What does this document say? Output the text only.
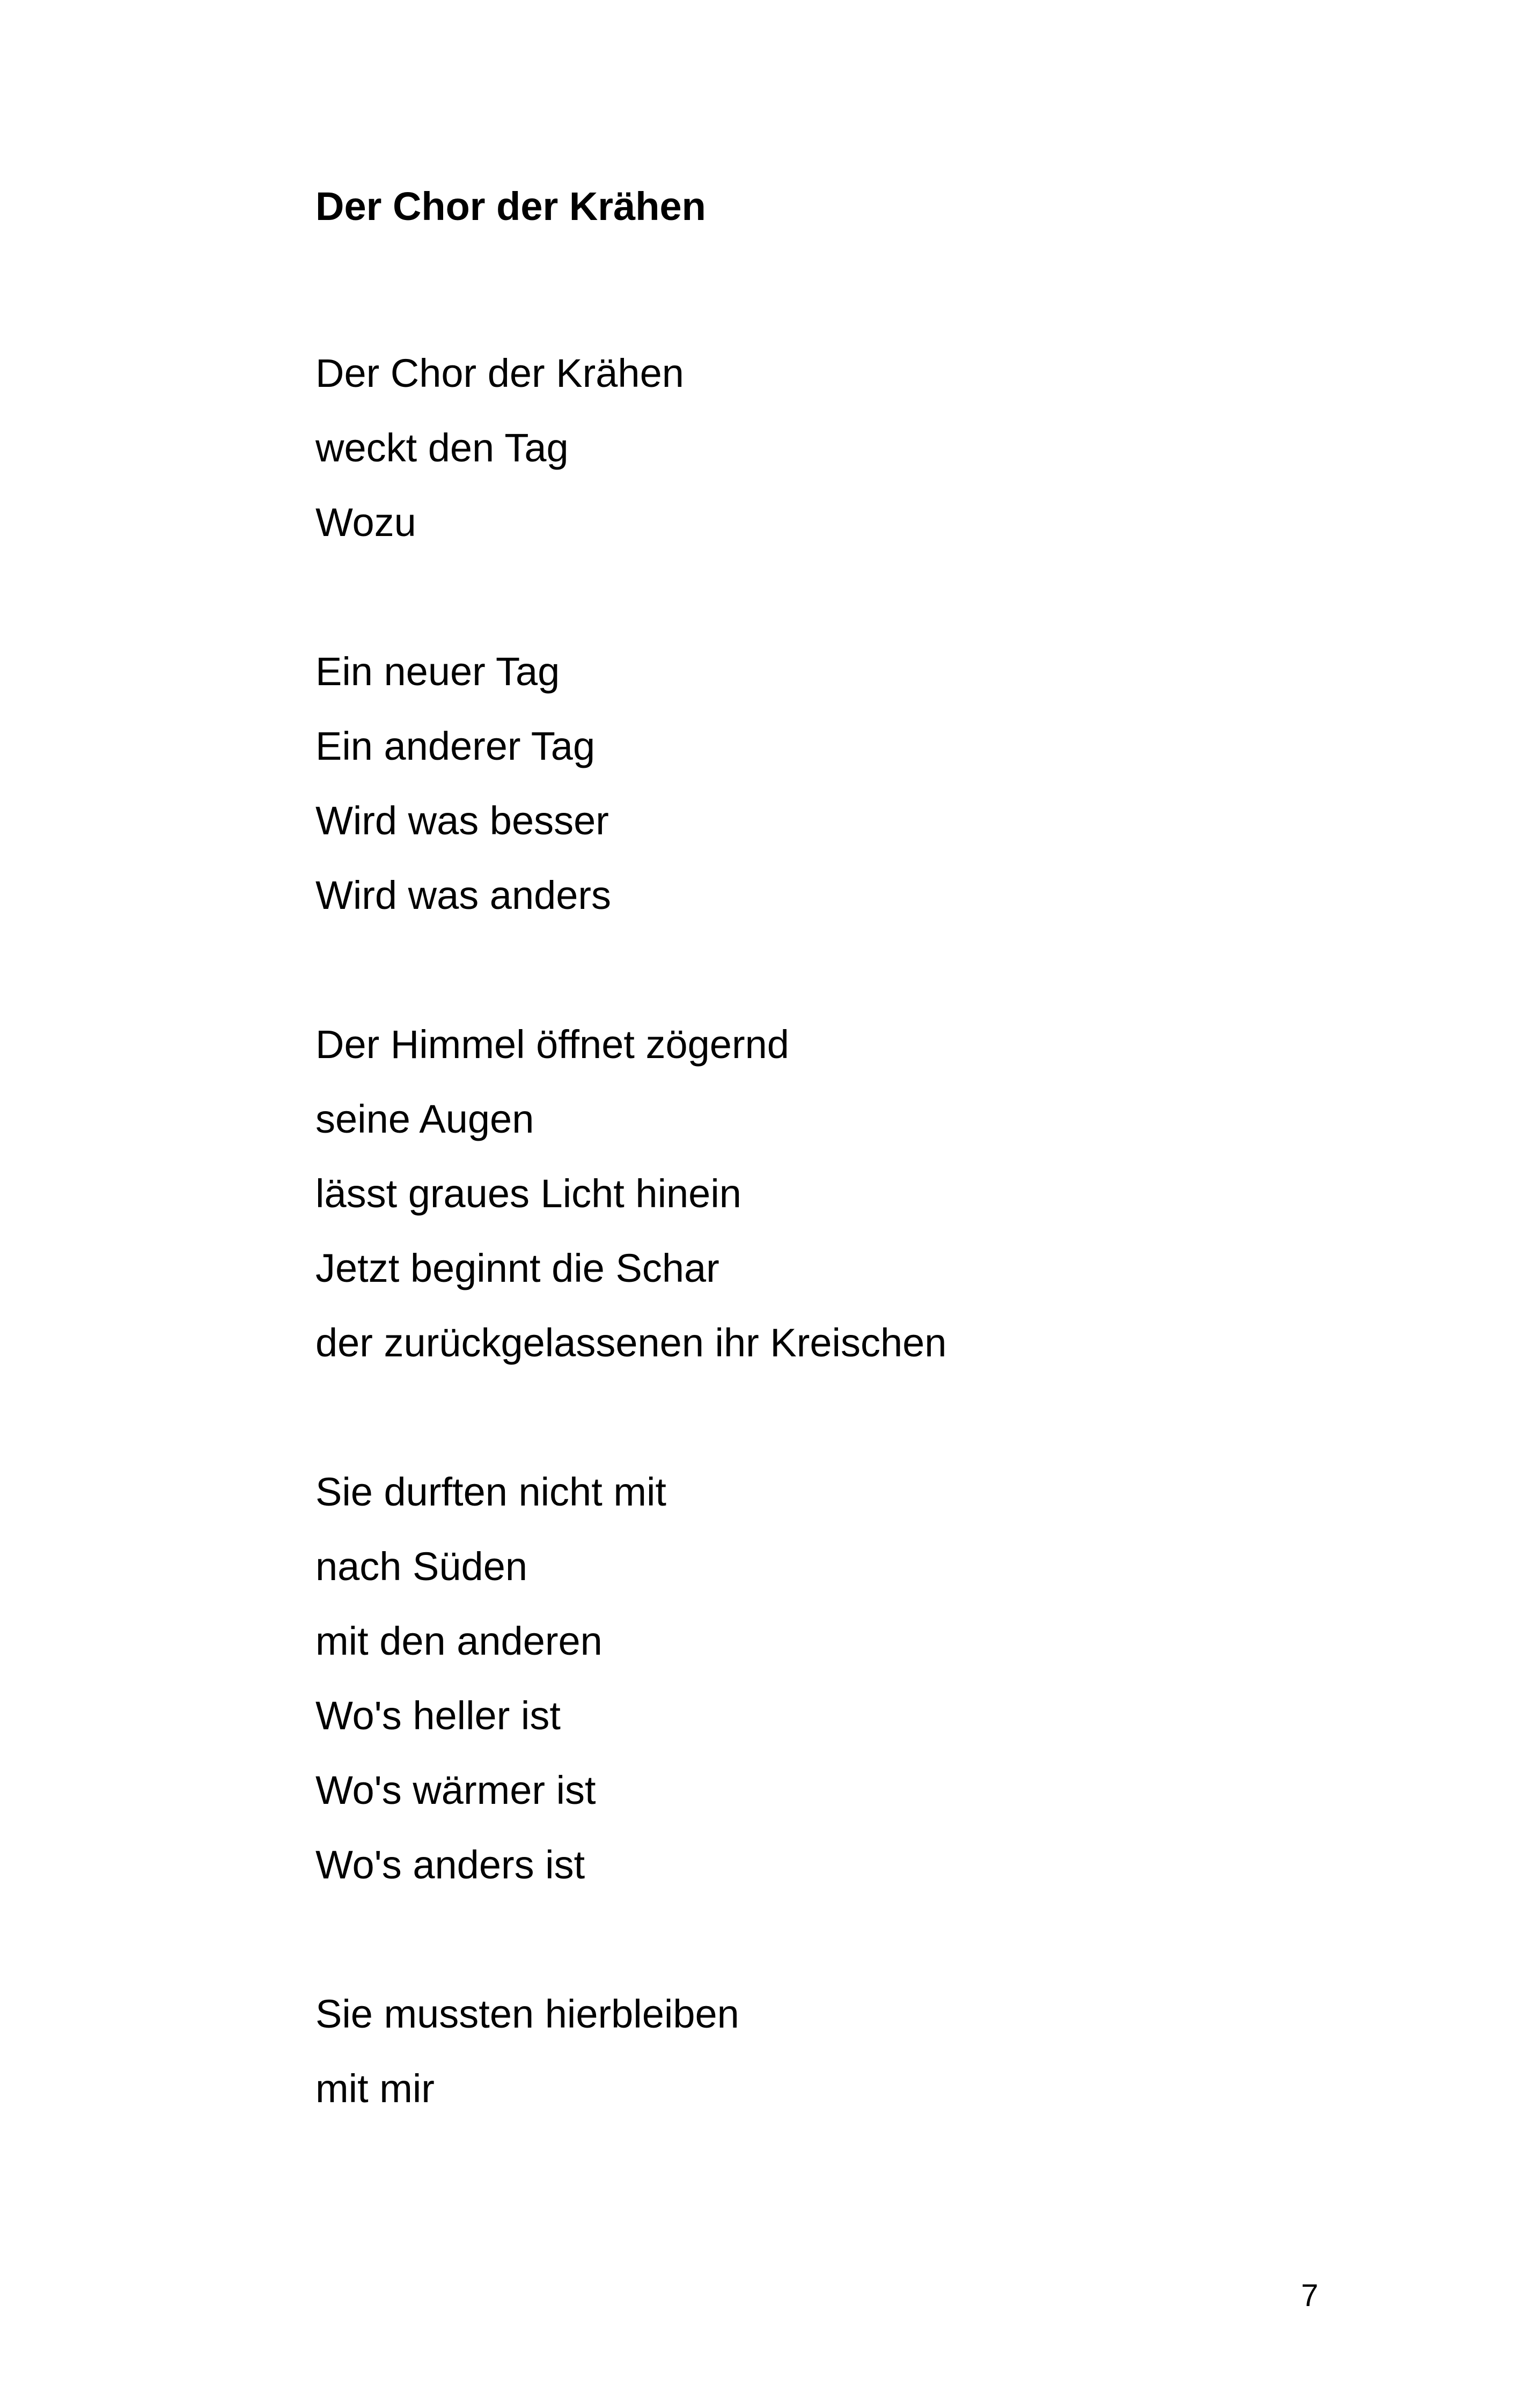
Der Chor der Krähen
Der Chor der Krähen
weckt den Tag
Wozu
Ein neuer Tag
Ein anderer Tag
Wird was besser
Wird was anders
Der Himmel öffnet zögernd
seine Augen
lässt graues Licht hinein
Jetzt beginnt die Schar
der zurückgelassenen ihr Kreischen
Sie durften nicht mit
nach Süden
mit den anderen
Wo's heller ist
Wo's wärmer ist
Wo's anders ist
Sie mussten hierbleiben
mit mir
7
